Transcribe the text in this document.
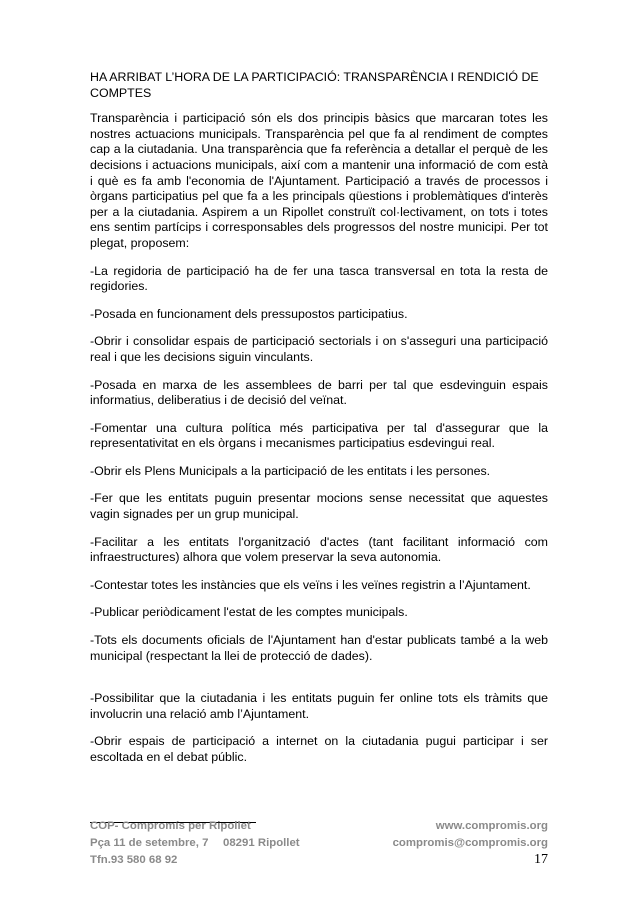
HA ARRIBAT L’HORA DE LA PARTICIPACIÓ: TRANSPARÈNCIA I RENDICIÓ DE COMPTES

Transparència i participació són els dos principis bàsics que marcaran totes les nostres actuacions municipals. Transparència pel que fa al rendiment de comptes cap a la ciutadania. Una transparència que fa referència a detallar el perquè de les decisions i actuacions municipals, així com a mantenir una informació de com està i què es fa amb l'economia de l'Ajuntament. Participació a través de processos i òrgans participatius pel que fa a les principals qüestions i problemàtiques d'interès per a la ciutadania. Aspirem a un Ripollet construït col·lectivament, on tots i totes ens sentim partícips i corresponsables dels progressos del nostre municipi. Per tot plegat, proposem:

-La regidoria de participació ha de fer una tasca transversal en tota la resta de regidories.

-Posada en funcionament dels pressupostos participatius.

-Obrir i consolidar espais de participació sectorials i on s'asseguri una participació real i que les decisions siguin vinculants.

-Posada en marxa de les assemblees de barri per tal que esdevinguin espais informatius, deliberatius i de decisió del veïnat.

-Fomentar una cultura política més participativa per tal d'assegurar que la representativitat en els òrgans i mecanismes participatius esdevingui real.

-Obrir els Plens Municipals a la participació de les entitats i les persones.

-Fer que les entitats puguin presentar mocions sense necessitat que aquestes vagin signades per un grup municipal.

-Facilitar a les entitats l'organització d'actes (tant facilitant informació com infraestructures) alhora que volem preservar la seva autonomia.

-Contestar totes les instàncies que els veïns i les veïnes registrin a l’Ajuntament.

-Publicar periòdicament l'estat de les comptes municipals.

-Tots els documents oficials de l'Ajuntament han d'estar publicats també a la web municipal (respectant la llei de protecció de dades).

-Possibilitar que la ciutadania i les entitats puguin fer online tots els tràmits que involucrin una relació amb l’Ajuntament.

-Obrir espais de participació a internet on la ciutadania pugui participar i ser escoltada en el debat públic.

COP- Compromís per Ripollet
Pça 11 de setembre, 7 08291 Ripollet
Tfn.93 580 68 92
www.compromis.org
compromis@compromis.org
17
